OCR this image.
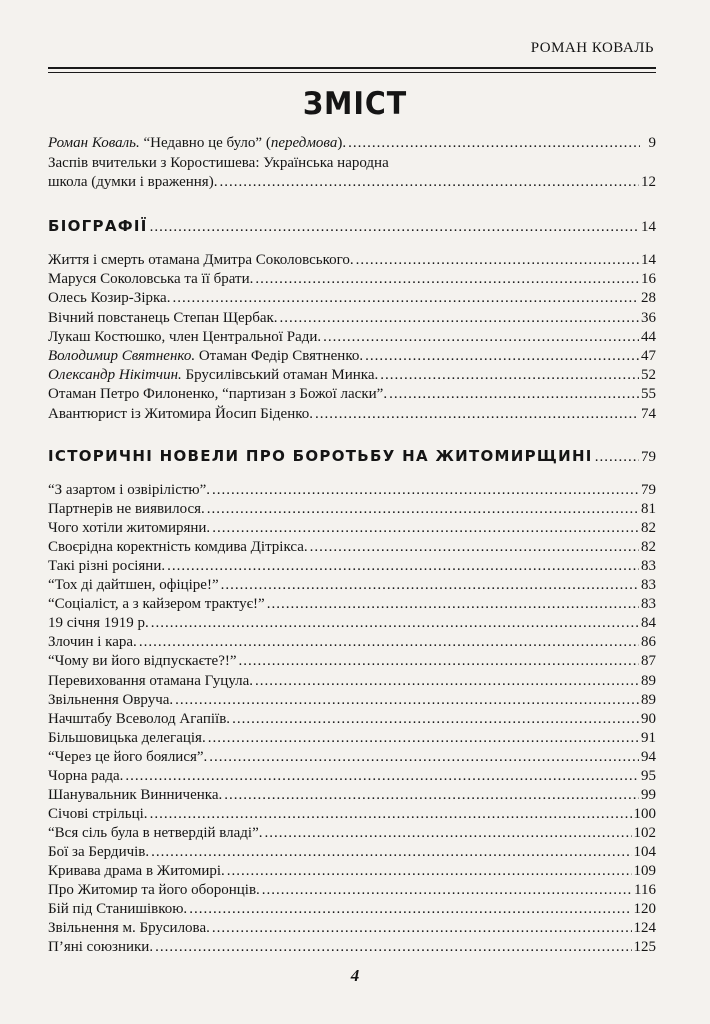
РОМАН КОВАЛЬ
ЗМІСТ
Роман Коваль. “Недавно це було” (передмова). .....	9
Заспів вчительки з Коростишева: Українська народна
школа (думки і враження). .....	12
БІОГРАФІЇ .....	14
Життя і смерть отамана Дмитра Соколовського. .....	14
Маруся Соколовська та її брати. .....	16
Олесь Козир-Зірка. .....	28
Вічний повстанець Степан Щербак. .....	36
Лукаш Костюшко, член Центральної Ради. .....	44
Володимир Святненко. Отаман Федір Святненко. .....	47
Олександр Нікітчин. Брусилівський отаман Минка. .....	52
Отаман Петро Филоненко, “партизан з Божої ласки”. .....	55
Авантюрист із Житомира Йосип Біденко. .....	74
ІСТОРИЧНІ НОВЕЛИ ПРО БОРОТЬБУ НА ЖИТОМИРЩИНІ .....	79
“З азартом і озвірілістю”. .....	79
Партнерів не виявилося. .....	81
Чого хотіли житомиряни. .....	82
Своєрідна коректність комдива Дітрікса. .....	82
Такі різні росіяни. .....	83
“Тох ді дайтшен, офіціре!” .....	83
“Соціаліст, а з кайзером трактує!” .....	83
19 січня 1919 р. .....	84
Злочин і кара. .....	86
“Чому ви його відпускаєте?!” .....	87
Перевиховання отамана Гуцула. .....	89
Звільнення Овруча. .....	89
Начштабу Всеволод Агапіїв. .....	90
Більшовицька делегація. .....	91
“Через це його боялися”. .....	94
Чорна рада. .....	95
Шанувальник Винниченка. .....	99
Січові стрільці. .....	100
“Вся сіль була в нетвердій владі”. .....	102
Бої за Бердичів. .....	104
Кривава драма в Житомирі. .....	109
Про Житомир та його оборонців. .....	116
Бій під Станишівкою. .....	120
Звільнення м. Брусилова. .....	124
П’яні союзники. .....	125
4
